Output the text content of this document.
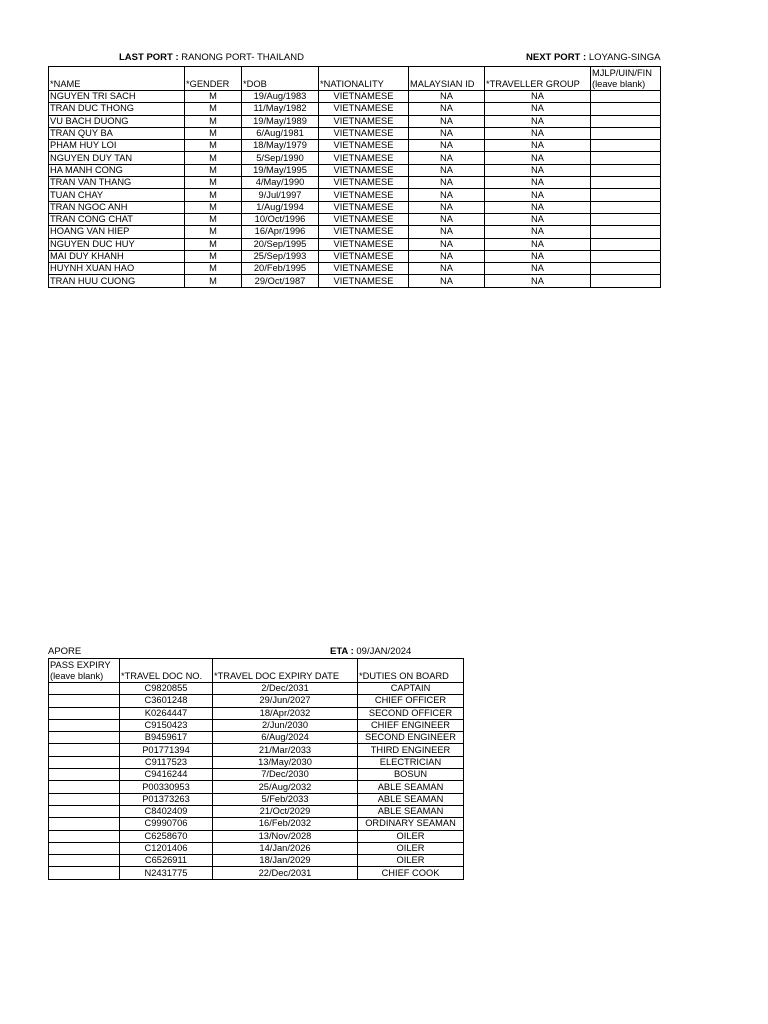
LAST PORT : RANONG PORT- THAILAND	NEXT PORT : LOYANG-SINGA
*NAME	*GENDER	*DOB	*NATIONALITY	MALAYSIAN ID	*TRAVELLER GROUP	MJLP/UIN/FIN (leave blank)
NGUYEN TRI SACH	M	19/Aug/1983	VIETNAMESE	NA	NA	
TRAN DUC THONG	M	11/May/1982	VIETNAMESE	NA	NA	
VU BACH DUONG	M	19/May/1989	VIETNAMESE	NA	NA	
TRAN QUY BA	M	6/Aug/1981	VIETNAMESE	NA	NA	
PHAM HUY LOI	M	18/May/1979	VIETNAMESE	NA	NA	
NGUYEN DUY TAN	M	5/Sep/1990	VIETNAMESE	NA	NA	
HA MANH CONG	M	19/May/1995	VIETNAMESE	NA	NA	
TRAN VAN THANG	M	4/May/1990	VIETNAMESE	NA	NA	
TUAN CHAY	M	9/Jul/1997	VIETNAMESE	NA	NA	
TRAN NGOC ANH	M	1/Aug/1994	VIETNAMESE	NA	NA	
TRAN CONG CHAT	M	10/Oct/1996	VIETNAMESE	NA	NA	
HOANG VAN HIEP	M	16/Apr/1996	VIETNAMESE	NA	NA	
NGUYEN DUC HUY	M	20/Sep/1995	VIETNAMESE	NA	NA	
MAI DUY KHANH	M	25/Sep/1993	VIETNAMESE	NA	NA	
HUYNH XUAN HAO	M	20/Feb/1995	VIETNAMESE	NA	NA	
TRAN HUU CUONG	M	29/Oct/1987	VIETNAMESE	NA	NA	
APORE	ETA : 09/JAN/2024
PASS EXPIRY (leave blank)	*TRAVEL DOC NO.	*TRAVEL DOC EXPIRY DATE	*DUTIES ON BOARD
	C9820855	2/Dec/2031	CAPTAIN
	C3601248	29/Jun/2027	CHIEF OFFICER
	K0264447	18/Apr/2032	SECOND OFFICER
	C9150423	2/Jun/2030	CHIEF ENGINEER
	B9459617	6/Aug/2024	SECOND ENGINEER
	P01771394	21/Mar/2033	THIRD ENGINEER
	C9117523	13/May/2030	ELECTRICIAN
	C9416244	7/Dec/2030	BOSUN
	P00330953	25/Aug/2032	ABLE SEAMAN
	P01373263	5/Feb/2033	ABLE SEAMAN
	C8402409	21/Oct/2029	ABLE SEAMAN
	C9990706	16/Feb/2032	ORDINARY SEAMAN
	C6258670	13/Nov/2028	OILER
	C1201406	14/Jan/2026	OILER
	C6526911	18/Jan/2029	OILER
	N2431775	22/Dec/2031	CHIEF COOK
